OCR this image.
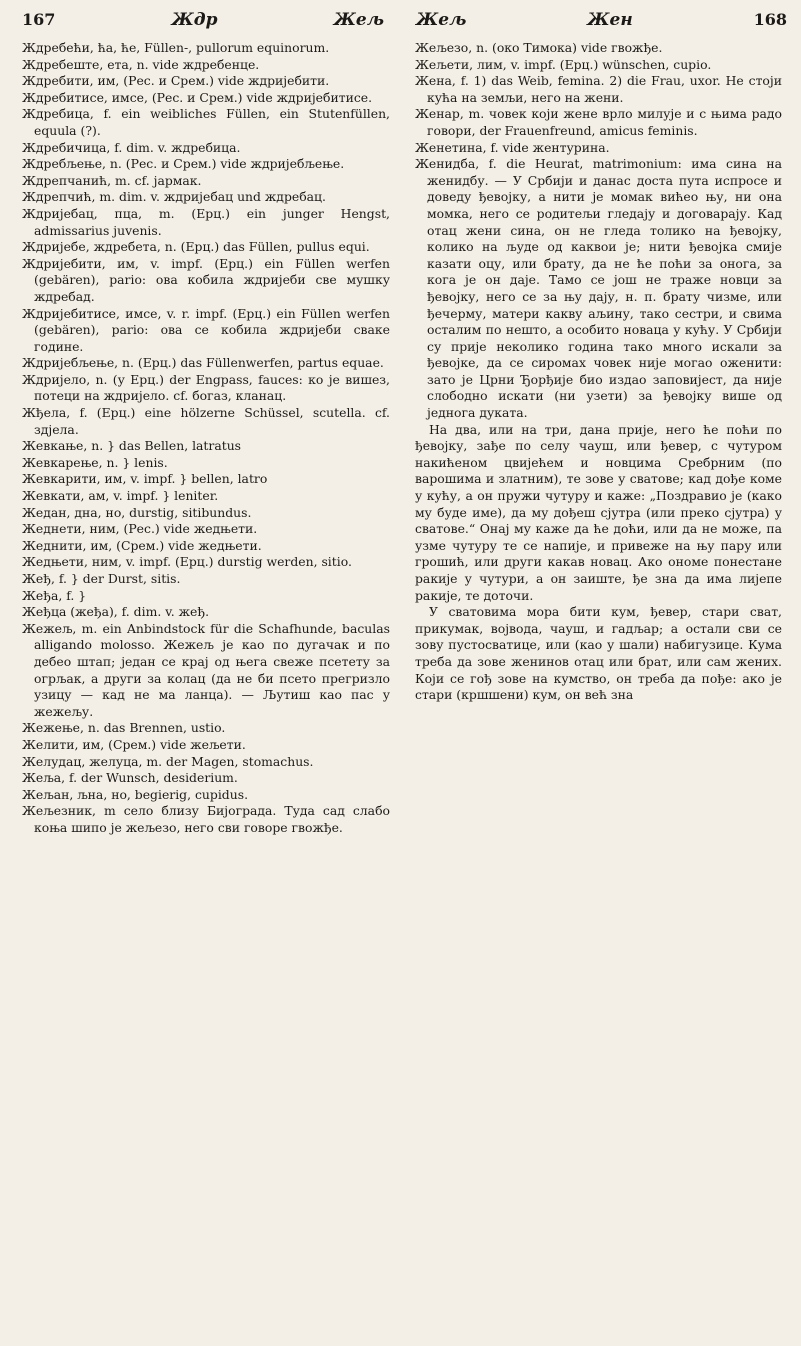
167	Ждр	Жељ Жељ	Жен	168

Ждребећи, ћа, ће, Füllen-, pullorum equinorum.

Ждребеште, ета, n. vide ждребенце.

Ждребити, им, (Рес. и Срем.) vide ждријебити.

Ждребитисе, имсе, (Рес. и Срем.) vide ждријебитисе.

Ждребица, f. ein weibliches Füllen, ein Stutenfüllen, equula (?).

Ждребичица, f. dim. v. ждребица.

Ждребљење, n. (Рес. и Срем.) vide ждријебљење.

Ждрепчанић, m. cf. јармак.

Ждрепчић, m. dim. v. ждријебац und ждребац.

Ждријебац, пца, m. (Ерц.) ein junger Hengst, admissarius juvenis.

Ждријебе, ждребета, n. (Ерц.) das Füllen, pullus equi.

Ждријебити, им, v. impf. (Ерц.) ein Füllen werfen (gebären), pario: ова кобила ждријеби све мушку ждребад.

Ждријебитисе, имсе, v. r. impf. (Ерц.) ein Füllen werfen (gebären), pario: ова се кобила ждријеби сваке године.

Ждријебљење, n. (Ерц.) das Füllenwerfen, partus equae.

Ждријело, n. (у Ерц.) der Engpass, fauces: ко је вишез, потеци на ждријело. cf. богаз, кланац.

Жђела, f. (Ерц.) eine hölzerne Schüssel, scutella. cf. здјела.

Жевкање, n. } das Bellen, latratus

Жевкарење, n. } lenis.

Жевкарити, им, v. impf. } bellen, latro

Жевкати, ам, v. impf. } leniter.

Жедан, дна, но, durstig, sitibundus.

Жеднети, ним, (Рес.) vide жедњети.

Жеднити, им, (Срем.) vide жедњети.

Жедњети, ним, v. impf. (Ерц.) durstig werden, sitio.

Жеђ, f. } der Durst, sitis.

Жеђа, f. }

Жеђца (жеђа), f. dim. v. жеђ.

Жежељ, m. ein Anbindstock für die Schafhunde, baculas alligando molosso. Жежељ је као по дугачак и по дебео штап; један се крај од њега свеже псетету за огрљак, а други за колац (да не би псето прегризло узицу — кад не ма ланца). — Љутиш као пас у жежељу.

Жежење, n. das Brennen, ustio.

Желити, им, (Срем.) vide жељети.

Желудац, желуца, m. der Magen, stomachus.

Жеља, f. der Wunsch, desiderium.

Жељан, љна, но, begierig, cupidus.

Жељезник, m село близу Бијограда. Туда сад слабо коња шипо је жељезо, него сви говоре гвожђе.

Жељезо, n. (око Тимока) vide гвожђе.

Жељети, лим, v. impf. (Ерц.) wünschen, cupio.

Жена, f. 1) das Weib, femina. 2) die Frau, uxor. Не стоји кућа на земљи, него на жени.

Женар, m. човек који жене врло милује и с њима радо говори, der Frauenfreund, amicus feminis.

Женетина, f. vide жентурина.

Женидба, f. die Heurat, matrimonium: има сина на женидбу. — У Србији и данас доста пута испросе и доведу ђевојку, а нити је момак вићео њу, ни она момка, него се родитељи гледају и договарају. Кад отац жени сина, он не гледа толико на ђевојку, колико на људе од каквои је; нити ђевојка смије казати оцу, или брату, да не ће поћи за онога, за кога је он даје. Тамо се још не траже новци за ђевојку, него се за њу дају, н. п. брату чизме, или ђечерму, матери какву аљину, тако сестри, и свима осталим по нешто, а особито новаца у кућу. У Србији су прије неколико година тако много искали за ђевојке, да се сиромах човек није могао оженити: зато је Црни Ђорђије био издао заповијест, да није слободно искати (ни узети) за ђевојку више од једнога дуката.

На два, или на три, дана прије, него ће поћи по ђевојку, зађе по селу чауш, или ђевер, с чутуром накићеном цвијећем и новцима Сребрним (по варошима и златним), те зове у сватове; кад дође коме у кућу, а он пружи чутуру и каже: „Поздравио је (како му буде име), да му дођеш сјутра (или преко сјутра) у сватове.“ Онај му каже да ће доћи, или да не може, па узме чутуру те се напије, и привеже на њу пару или грошић, или други какав новац. Ако ономе понестане ракије у чутури, а он заиште, ђе зна да има лијепе ракије, те доточи.

У сватовима мора бити кум, ђевер, стари сват, прикумак, војвода, чауш, и гадљар; а остали сви се зову пустосватице, или (као у шали) набигузице. Кума треба да зове женинов отац или брат, или сам жених. Који се гођ зове на кумство, он треба да пође: ако је стари (кршшени) кум, он већ зна
